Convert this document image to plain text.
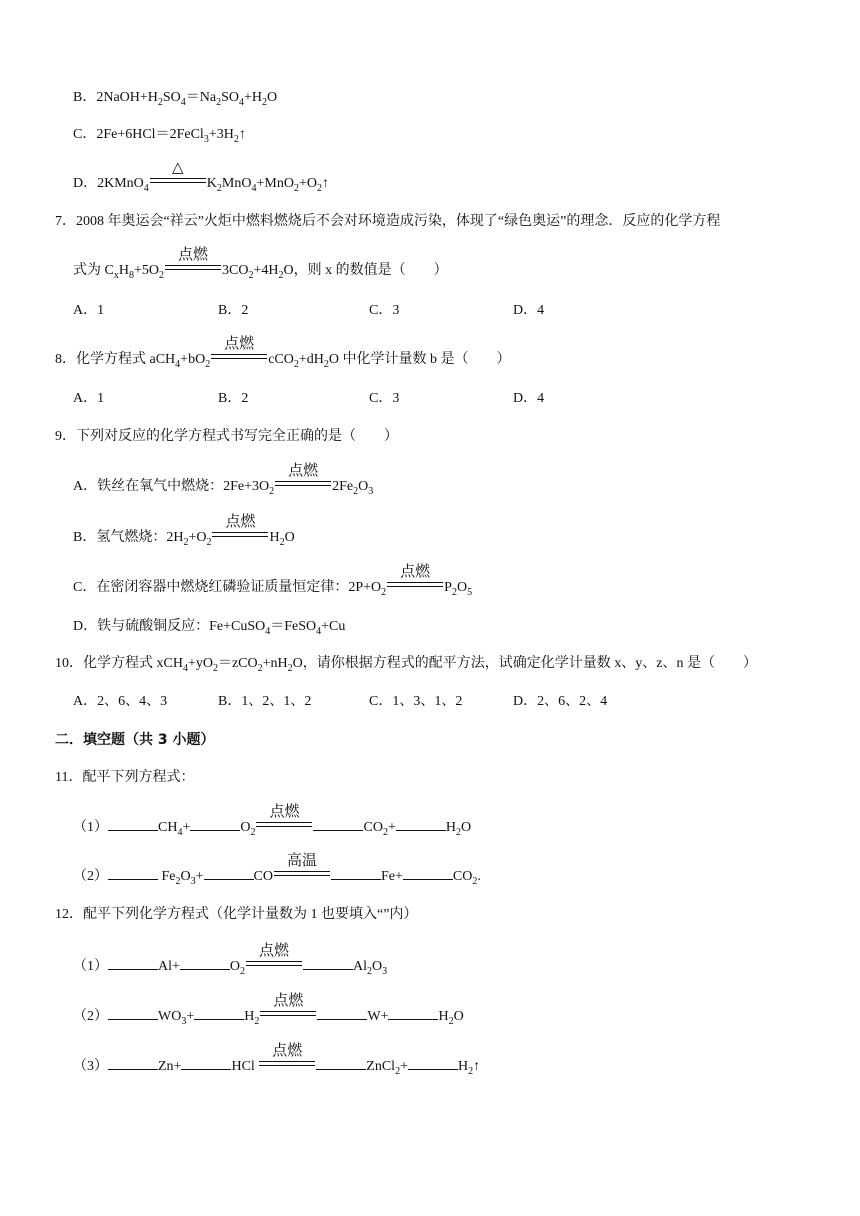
B．$2NaOH+H_2SO_4=Na_2SO_4+H_2O$
C．$2Fe+6HCl=2FeCl_3+3H_2↑$
D．2KMnO$_4$
△
$K_2MnO_4+MnO_2+O_2↑$
7．2008 年奥运会“祥云”火炬中燃料燃烧后不会对环境造成污染，体现了“绿色奥运”的理念．反应的化学方程
式为 $C_xH_8+5O_2$
点燃
$3CO_2+4H_2O$，则 x 的数值是（　　）
A．1	B．2	C．3	D．4
8．化学方程式 $aCH_4+bO_2$
点燃
$cCO_2+dH_2O$ 中化学计量数 b 是（　　）
A．1	B．2	C．3	D．4
9．下列对反应的化学方程式书写完全正确的是（　　）
A．铁丝在氧气中燃烧：$2Fe+3O_2$
点燃
$2Fe_2O_3$
B．氢气燃烧：$2H_2+O_2$
点燃
$H_2O$
C．在密闭容器中燃烧红磷验证质量恒定律：$2P+O_2$
点燃
$P_2O_5$
D．铁与硫酸铜反应：Fe+CuSO$_4$＝FeSO$_4$+Cu
10．化学方程式 $xCH_4+yO_2=zCO_2+nH_2O$，请你根据方程式的配平方法，试确定化学计量数 x、y、z、n 是（　　）
A．2、6、4、3	B．1、2、1、2	C．1、3、1、2	D．2、6、2、4
二．填空题（共 3 小题）
11．配平下列方程式：
（1）	$CH_4+$	$O_2$
点燃
$CO_2+$	$H_2O$
（2）	$Fe_2O_3+$	CO
高温
Fe+	$CO_2$.
12．配平下列化学方程式（化学计量数为 1 也要填入“”内）
（1）	Al+	$O_2$
点燃
$Al_2O_3$
（2）	$WO_3+$	$H_2$
点燃
W+	$H_2O$
（3）	Zn+	HCl
点燃
ZnCl$_2$+	$H_2↑$
